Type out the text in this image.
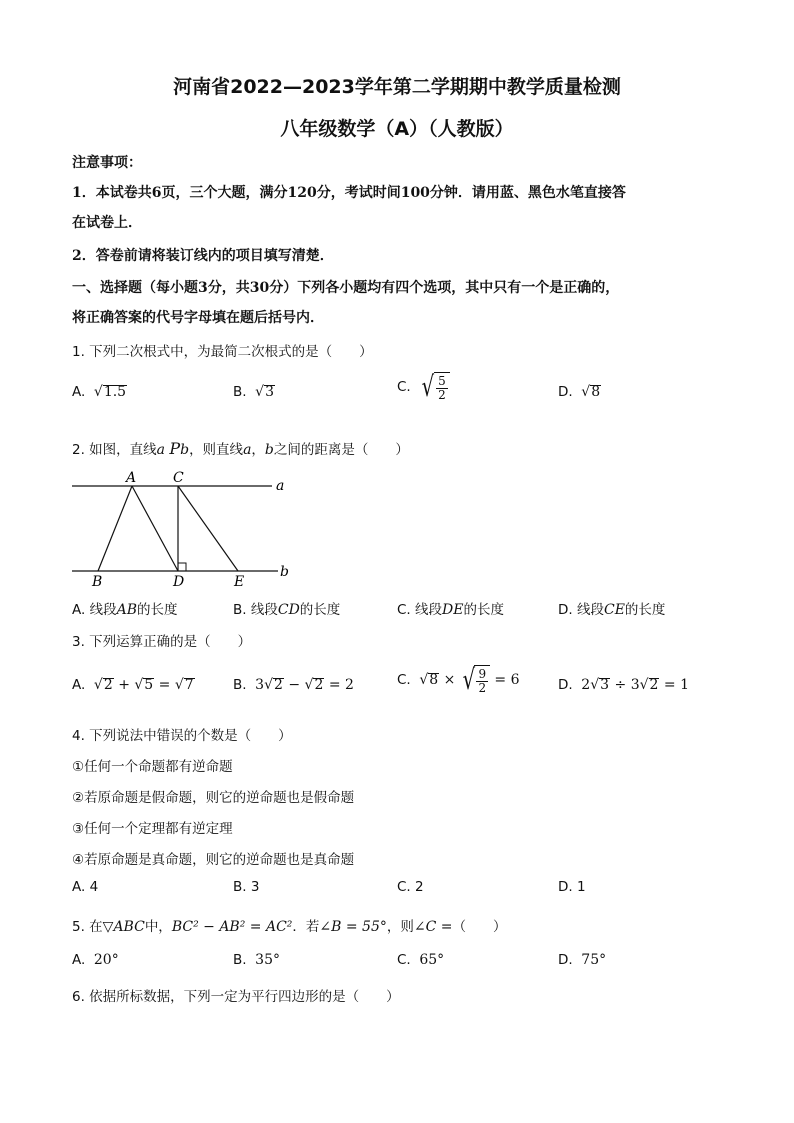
河南省2022—2023学年第二学期期中教学质量检测
八年级数学（A）（人教版）
注意事项：
1．本试卷共6页，三个大题，满分120分，考试时间100分钟．请用蓝、黑色水笔直接答
在试卷上．
2．答卷前请将装订线内的项目填写清楚．
一、选择题（每小题3分，共30分）下列各小题均有四个选项，其中只有一个是正确的，
将正确答案的代号字母填在题后括号内．
1. 下列二次根式中，为最简二次根式的是（　　）
A. √1.5	B. √3	C. √ $\frac{5}{2}$	D. √8
2. 如图，直线a Pb，则直线a，b之间的距离是（　　）
A	C	a
B	D	E
b
A. 线段AB的长度	B. 线段CD的长度	C. 线段DE的长度	D. 线段CE的长度
3. 下列运算正确的是（　　）
A. √2 + √5 = √7	B. 3√2 − √2 = 2	C. √8 × √ $\frac{9}{2} = 6$	D. 2√3 ÷ 3√2 = 1
4. 下列说法中错误的个数是（　　）
①任何一个命题都有逆命题
②若原命题是假命题，则它的逆命题也是假命题
③任何一个定理都有逆定理
④若原命题是真命题，则它的逆命题也是真命题
A. 4	B. 3	C. 2	D. 1
5. 在▽ABC中，BC² − AB² = AC²．若∠B = 55°，则∠C =（　　）
A. 20°	B. 35°	C. 65°	D. 75°
6. 依据所标数据，下列一定为平行四边形的是（　　）
